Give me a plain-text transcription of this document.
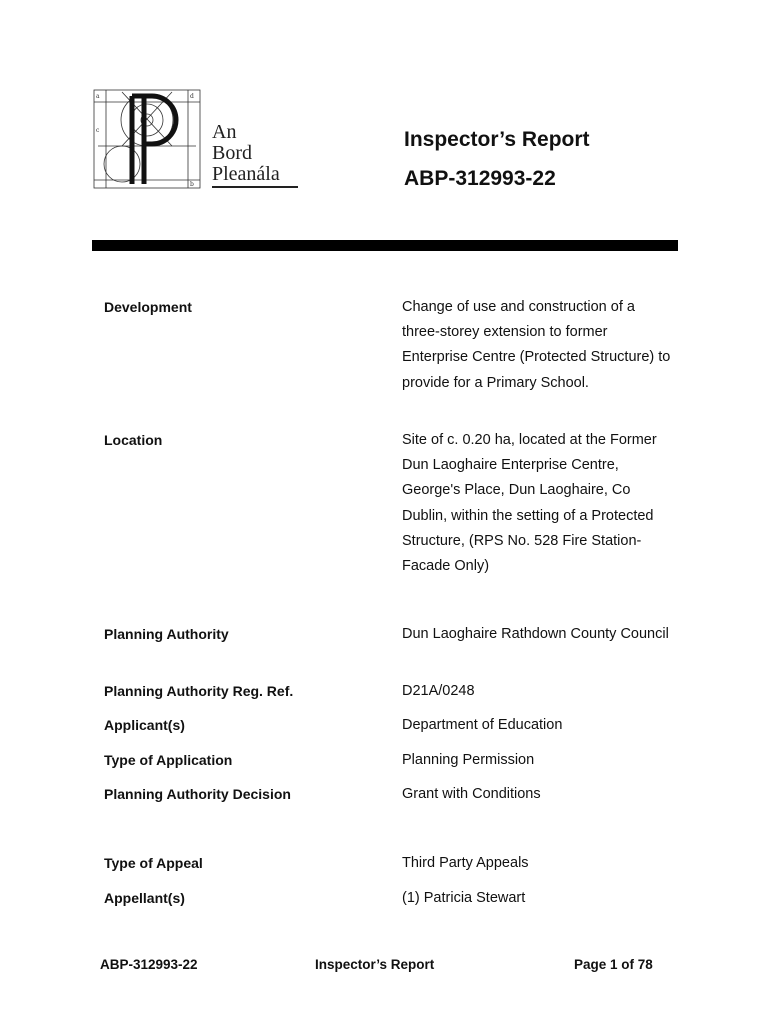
a	d
c
b
An
Bord
Pleanála
Inspector’s Report
ABP-312993-22
Development	Change of use and construction of a three-storey extension to former Enterprise Centre (Protected Structure) to provide for a Primary School.
Location	Site of c. 0.20 ha, located at the Former Dun Laoghaire Enterprise Centre, George's Place, Dun Laoghaire, Co Dublin, within the setting of a Protected Structure, (RPS No. 528 Fire Station- Facade Only)
Planning Authority	Dun Laoghaire Rathdown County Council
Planning Authority Reg. Ref.	D21A/0248
Applicant(s)	Department of Education
Type of Application	Planning Permission
Planning Authority Decision	Grant with Conditions
Type of Appeal	Third Party Appeals
Appellant(s)	(1) Patricia Stewart
ABP-312993-22	Inspector’s Report	Page 1 of 78
